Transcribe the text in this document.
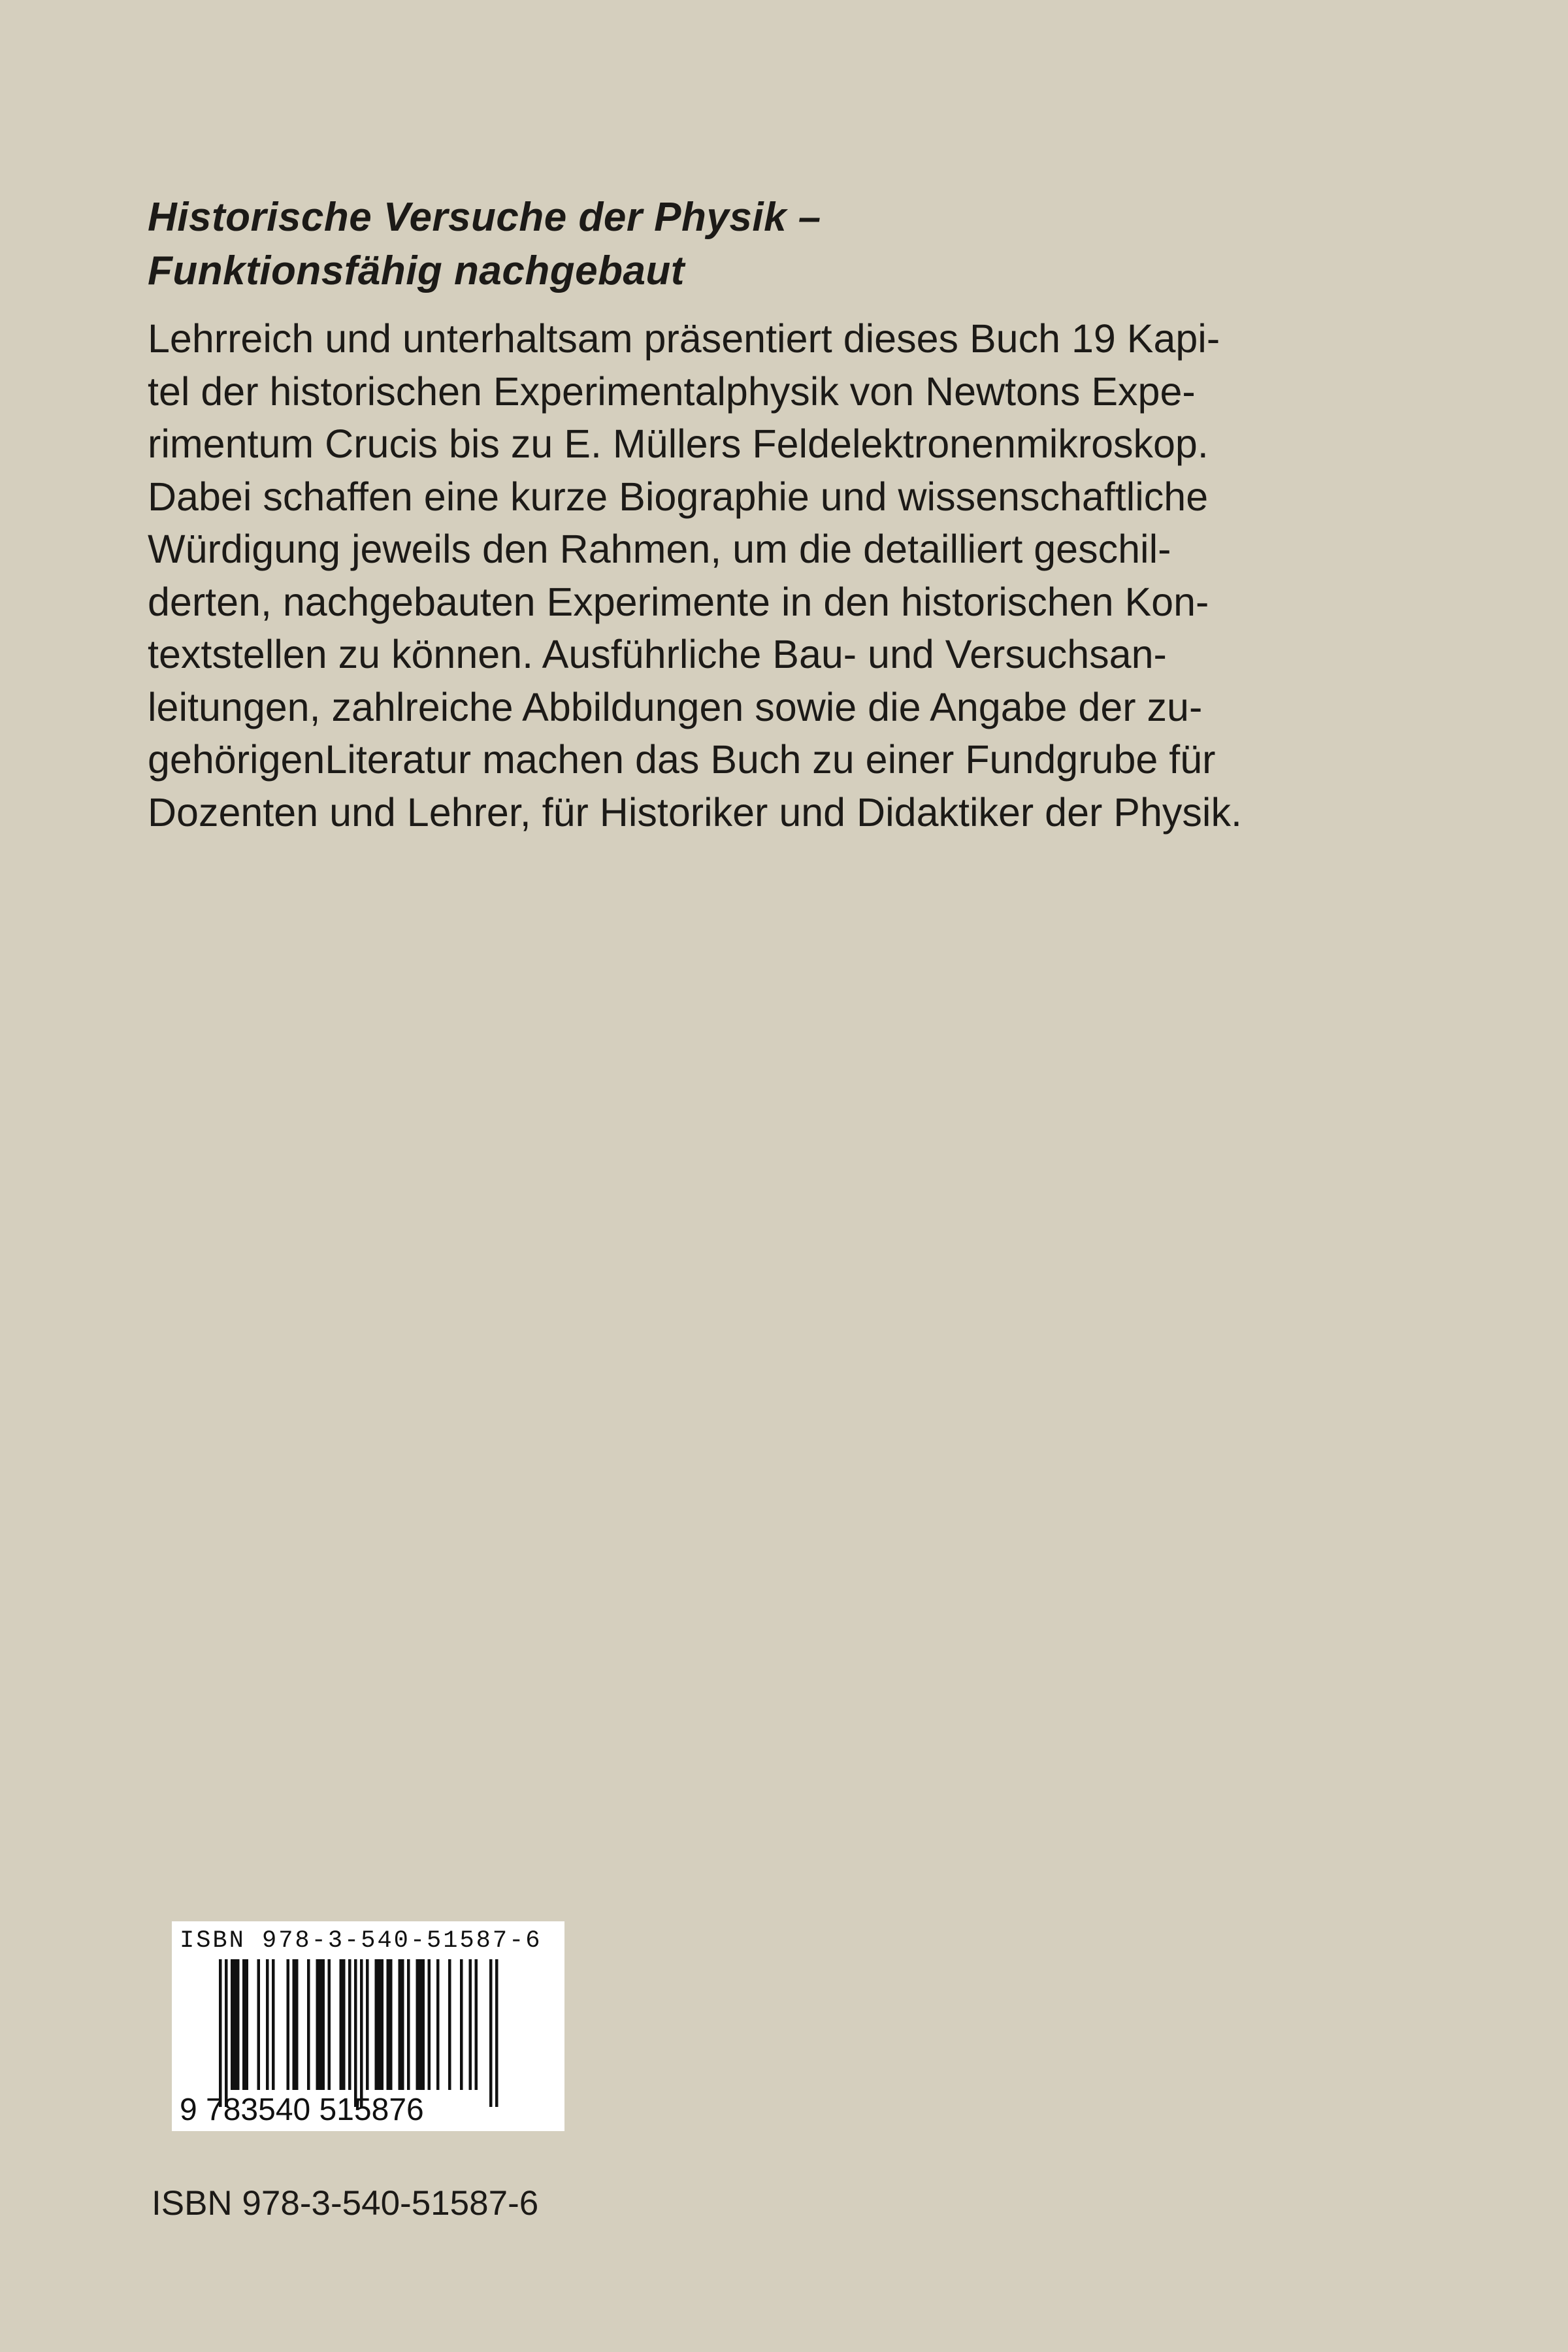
Historische Versuche der Physik –
Funktionsfähig nachgebaut
Lehrreich und unterhaltsam präsentiert dieses Buch 19 Kapi-
tel der historischen Experimentalphysik von Newtons Expe-
rimentum Crucis bis zu E. Müllers Feldelektronenmikroskop.
Dabei schaffen eine kurze Biographie und wissenschaftliche
Würdigung jeweils den Rahmen, um die detailliert geschil-
derten, nachgebauten Experimente in den historischen Kon-
textstellen zu können. Ausführliche Bau- und Versuchsan-
leitungen, zahlreiche Abbildungen sowie die Angabe der zu-
gehörigenLiteratur machen das Buch zu einer Fundgrube für
Dozenten und Lehrer, für Historiker und Didaktiker der Physik.
ISBN 978-3-540-51587-6
9 783540 515876
ISBN 978-3-540-51587-6
